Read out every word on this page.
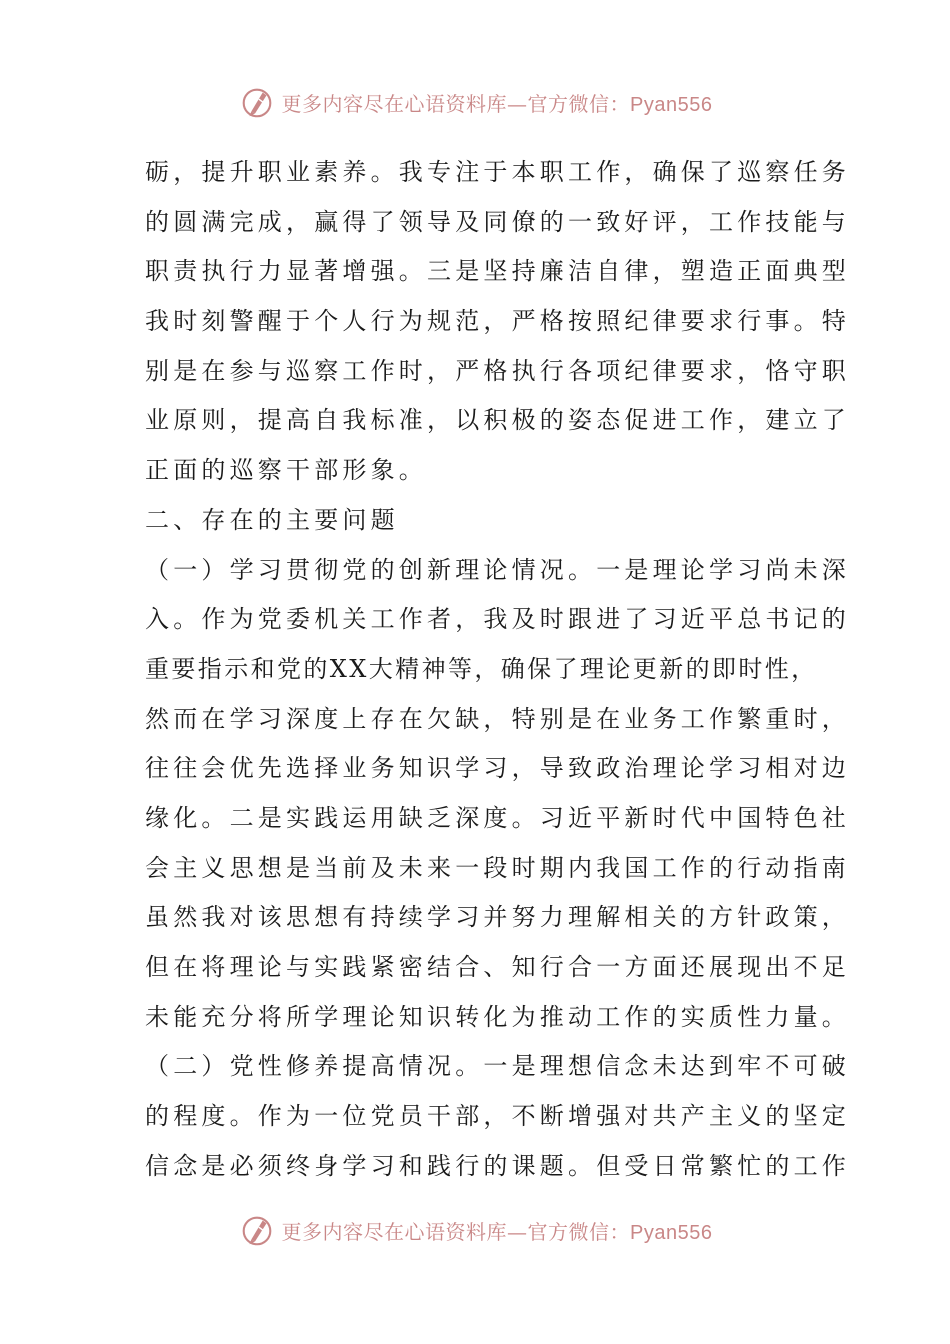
更多内容尽在心语资料库—官方微信：Pyan556
砺，提升职业素养。我专注于本职工作，确保了巡察任务
的圆满完成，赢得了领导及同僚的一致好评，工作技能与
职责执行力显著增强。三是坚持廉洁自律，塑造正面典型
我时刻警醒于个人行为规范，严格按照纪律要求行事。特
别是在参与巡察工作时，严格执行各项纪律要求，恪守职
业原则，提高自我标准，以积极的姿态促进工作，建立了
正面的巡察干部形象。
二、存在的主要问题
（一）学习贯彻党的创新理论情况。一是理论学习尚未深
入。作为党委机关工作者，我及时跟进了习近平总书记的
重要指示和党的XX大精神等，确保了理论更新的即时性，
然而在学习深度上存在欠缺，特别是在业务工作繁重时，
往往会优先选择业务知识学习，导致政治理论学习相对边
缘化。二是实践运用缺乏深度。习近平新时代中国特色社
会主义思想是当前及未来一段时期内我国工作的行动指南
虽然我对该思想有持续学习并努力理解相关的方针政策，
但在将理论与实践紧密结合、知行合一方面还展现出不足
未能充分将所学理论知识转化为推动工作的实质性力量。
（二）党性修养提高情况。一是理想信念未达到牢不可破
的程度。作为一位党员干部，不断增强对共产主义的坚定
信念是必须终身学习和践行的课题。但受日常繁忙的工作
更多内容尽在心语资料库—官方微信：Pyan556
